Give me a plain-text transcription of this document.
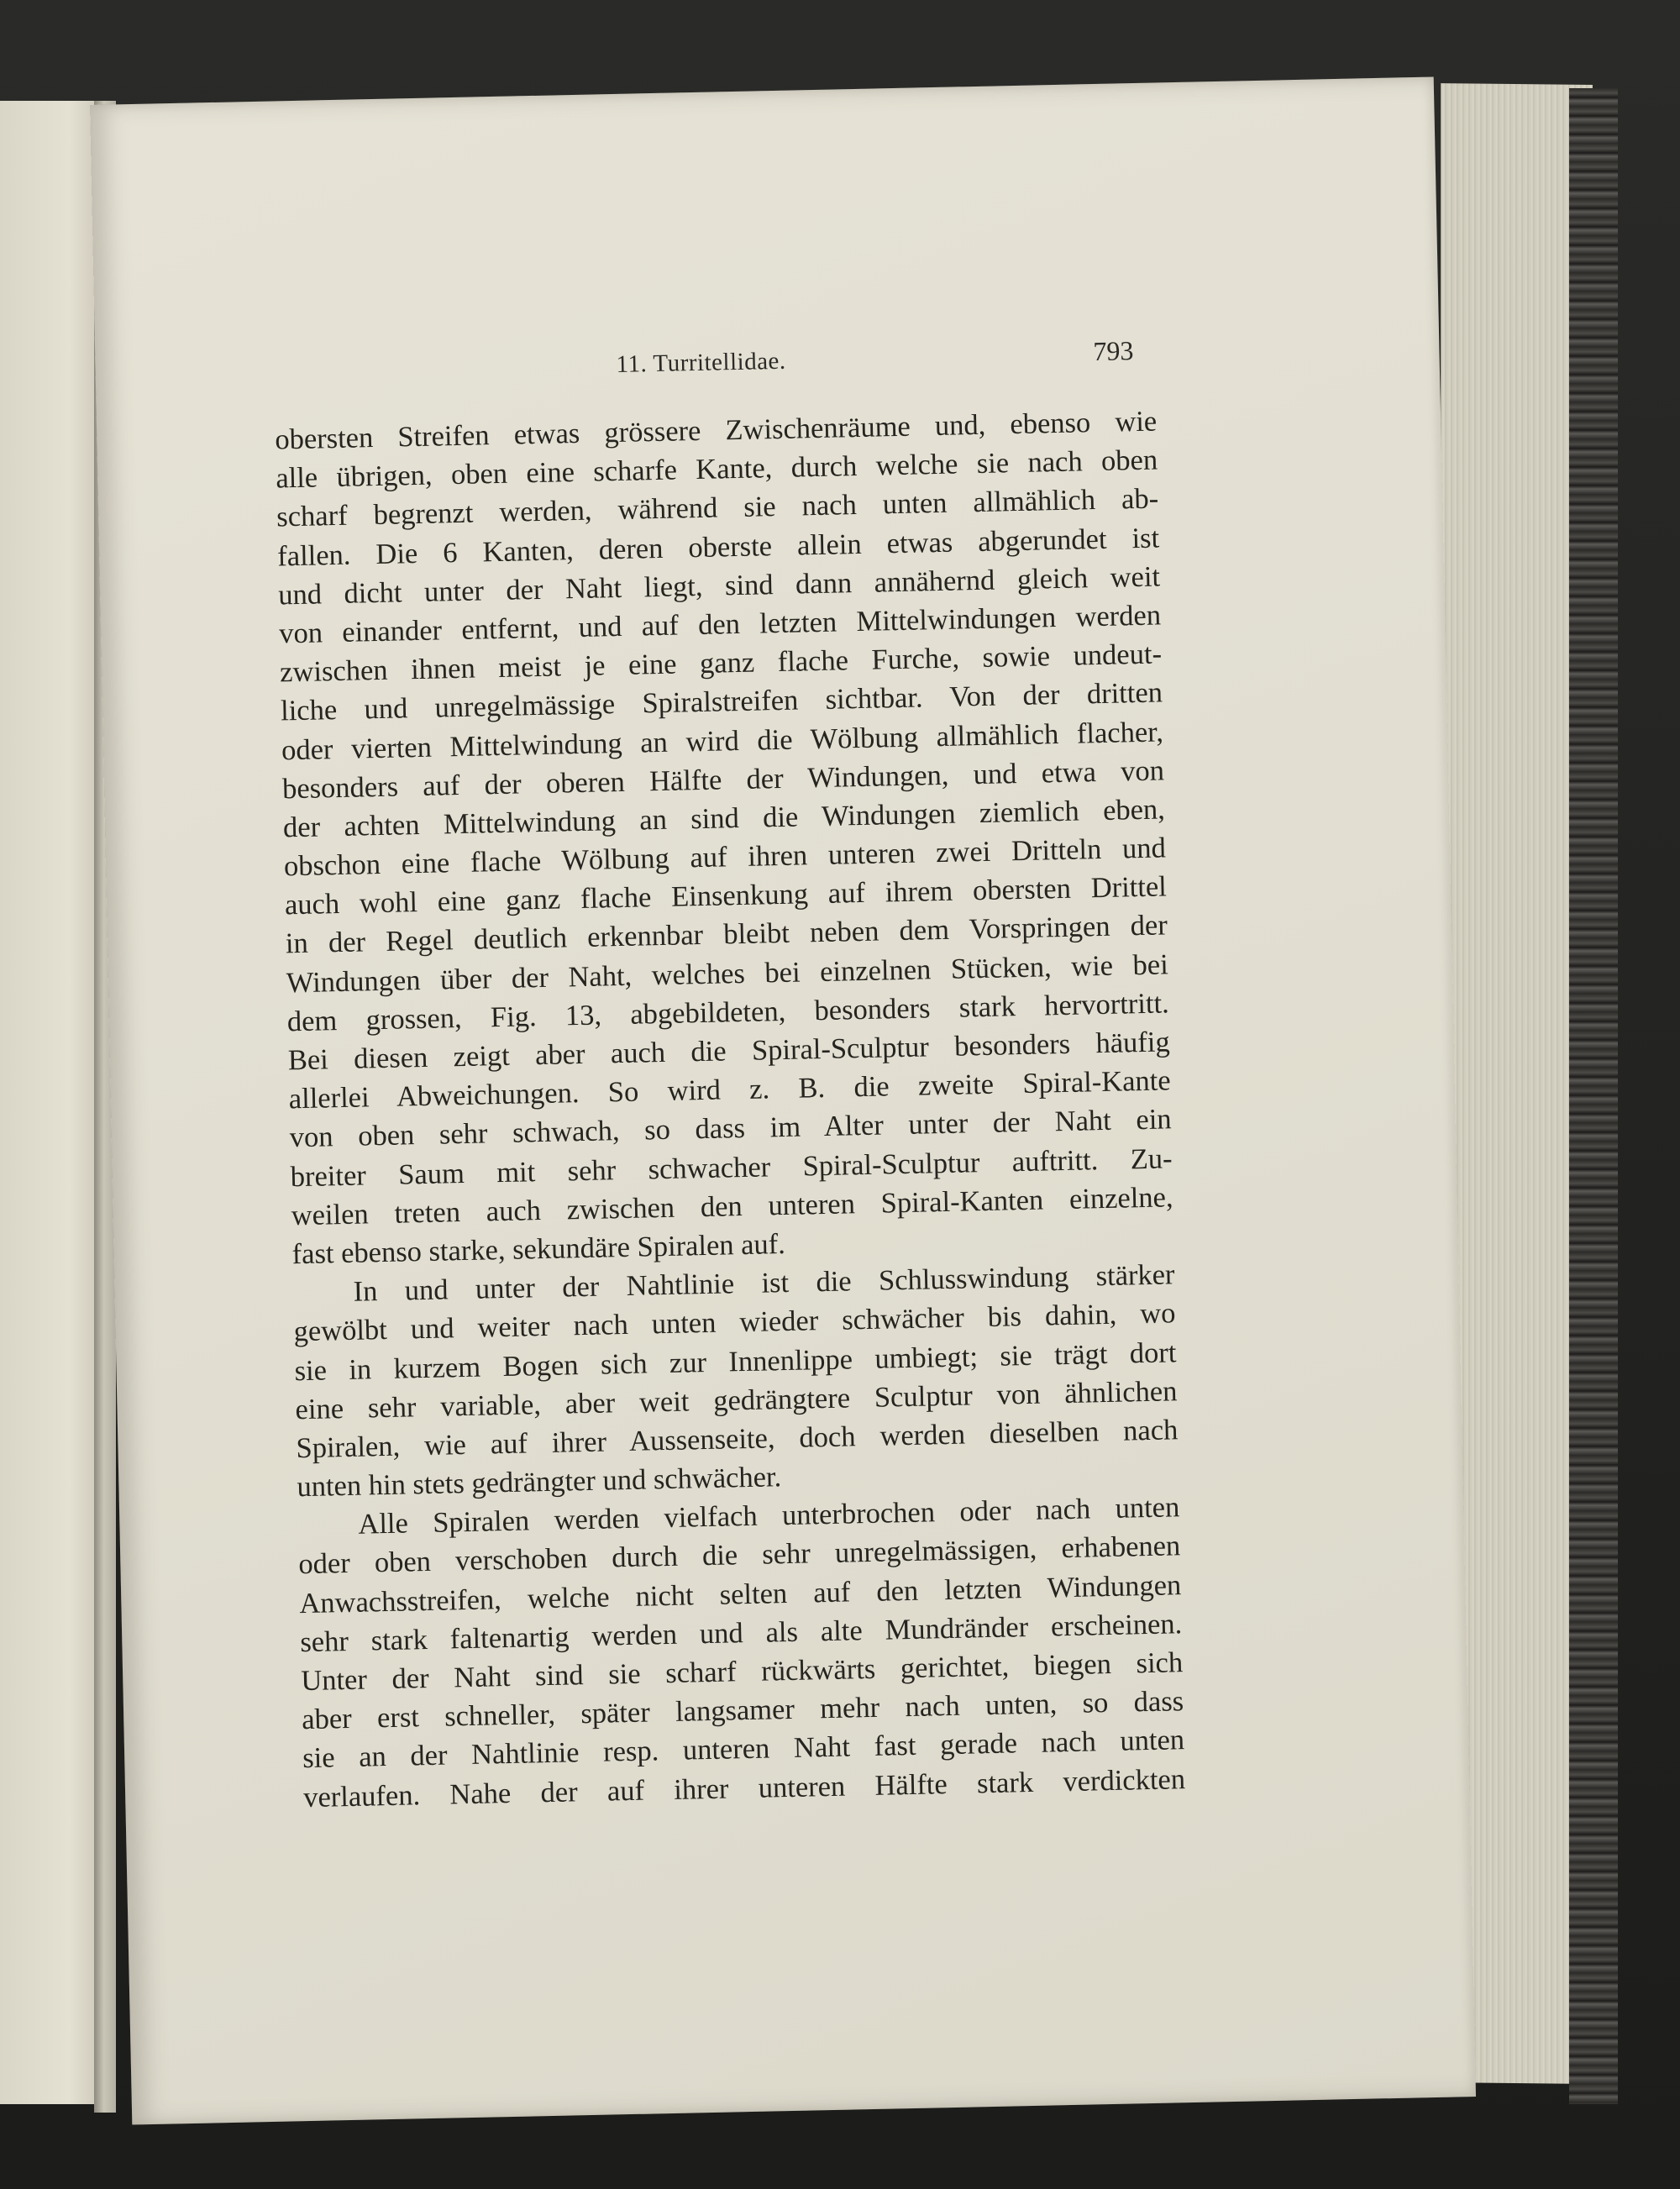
11. Turritellidae.	793
obersten Streifen etwas grössere Zwischenräume und, ebenso wie
alle übrigen, oben eine scharfe Kante, durch welche sie nach oben
scharf begrenzt werden, während sie nach unten allmählich ab-
fallen. Die 6 Kanten, deren oberste allein etwas abgerundet ist
und dicht unter der Naht liegt, sind dann annähernd gleich weit
von einander entfernt, und auf den letzten Mittelwindungen werden
zwischen ihnen meist je eine ganz flache Furche, sowie undeut-
liche und unregelmässige Spiralstreifen sichtbar. Von der dritten
oder vierten Mittelwindung an wird die Wölbung allmählich flacher,
besonders auf der oberen Hälfte der Windungen, und etwa von
der achten Mittelwindung an sind die Windungen ziemlich eben,
obschon eine flache Wölbung auf ihren unteren zwei Dritteln und
auch wohl eine ganz flache Einsenkung auf ihrem obersten Drittel
in der Regel deutlich erkennbar bleibt neben dem Vorspringen der
Windungen über der Naht, welches bei einzelnen Stücken, wie bei
dem grossen, Fig. 13, abgebildeten, besonders stark hervortritt.
Bei diesen zeigt aber auch die Spiral-Sculptur besonders häufig
allerlei Abweichungen. So wird z. B. die zweite Spiral-Kante
von oben sehr schwach, so dass im Alter unter der Naht ein
breiter Saum mit sehr schwacher Spiral-Sculptur auftritt. Zu-
weilen treten auch zwischen den unteren Spiral-Kanten einzelne,
fast ebenso starke, sekundäre Spiralen auf.
In und unter der Nahtlinie ist die Schlusswindung stärker
gewölbt und weiter nach unten wieder schwächer bis dahin, wo
sie in kurzem Bogen sich zur Innenlippe umbiegt; sie trägt dort
eine sehr variable, aber weit gedrängtere Sculptur von ähnlichen
Spiralen, wie auf ihrer Aussenseite, doch werden dieselben nach
unten hin stets gedrängter und schwächer.
Alle Spiralen werden vielfach unterbrochen oder nach unten
oder oben verschoben durch die sehr unregelmässigen, erhabenen
Anwachsstreifen, welche nicht selten auf den letzten Windungen
sehr stark faltenartig werden und als alte Mundränder erscheinen.
Unter der Naht sind sie scharf rückwärts gerichtet, biegen sich
aber erst schneller, später langsamer mehr nach unten, so dass
sie an der Nahtlinie resp. unteren Naht fast gerade nach unten
verlaufen. Nahe der auf ihrer unteren Hälfte stark verdickten
